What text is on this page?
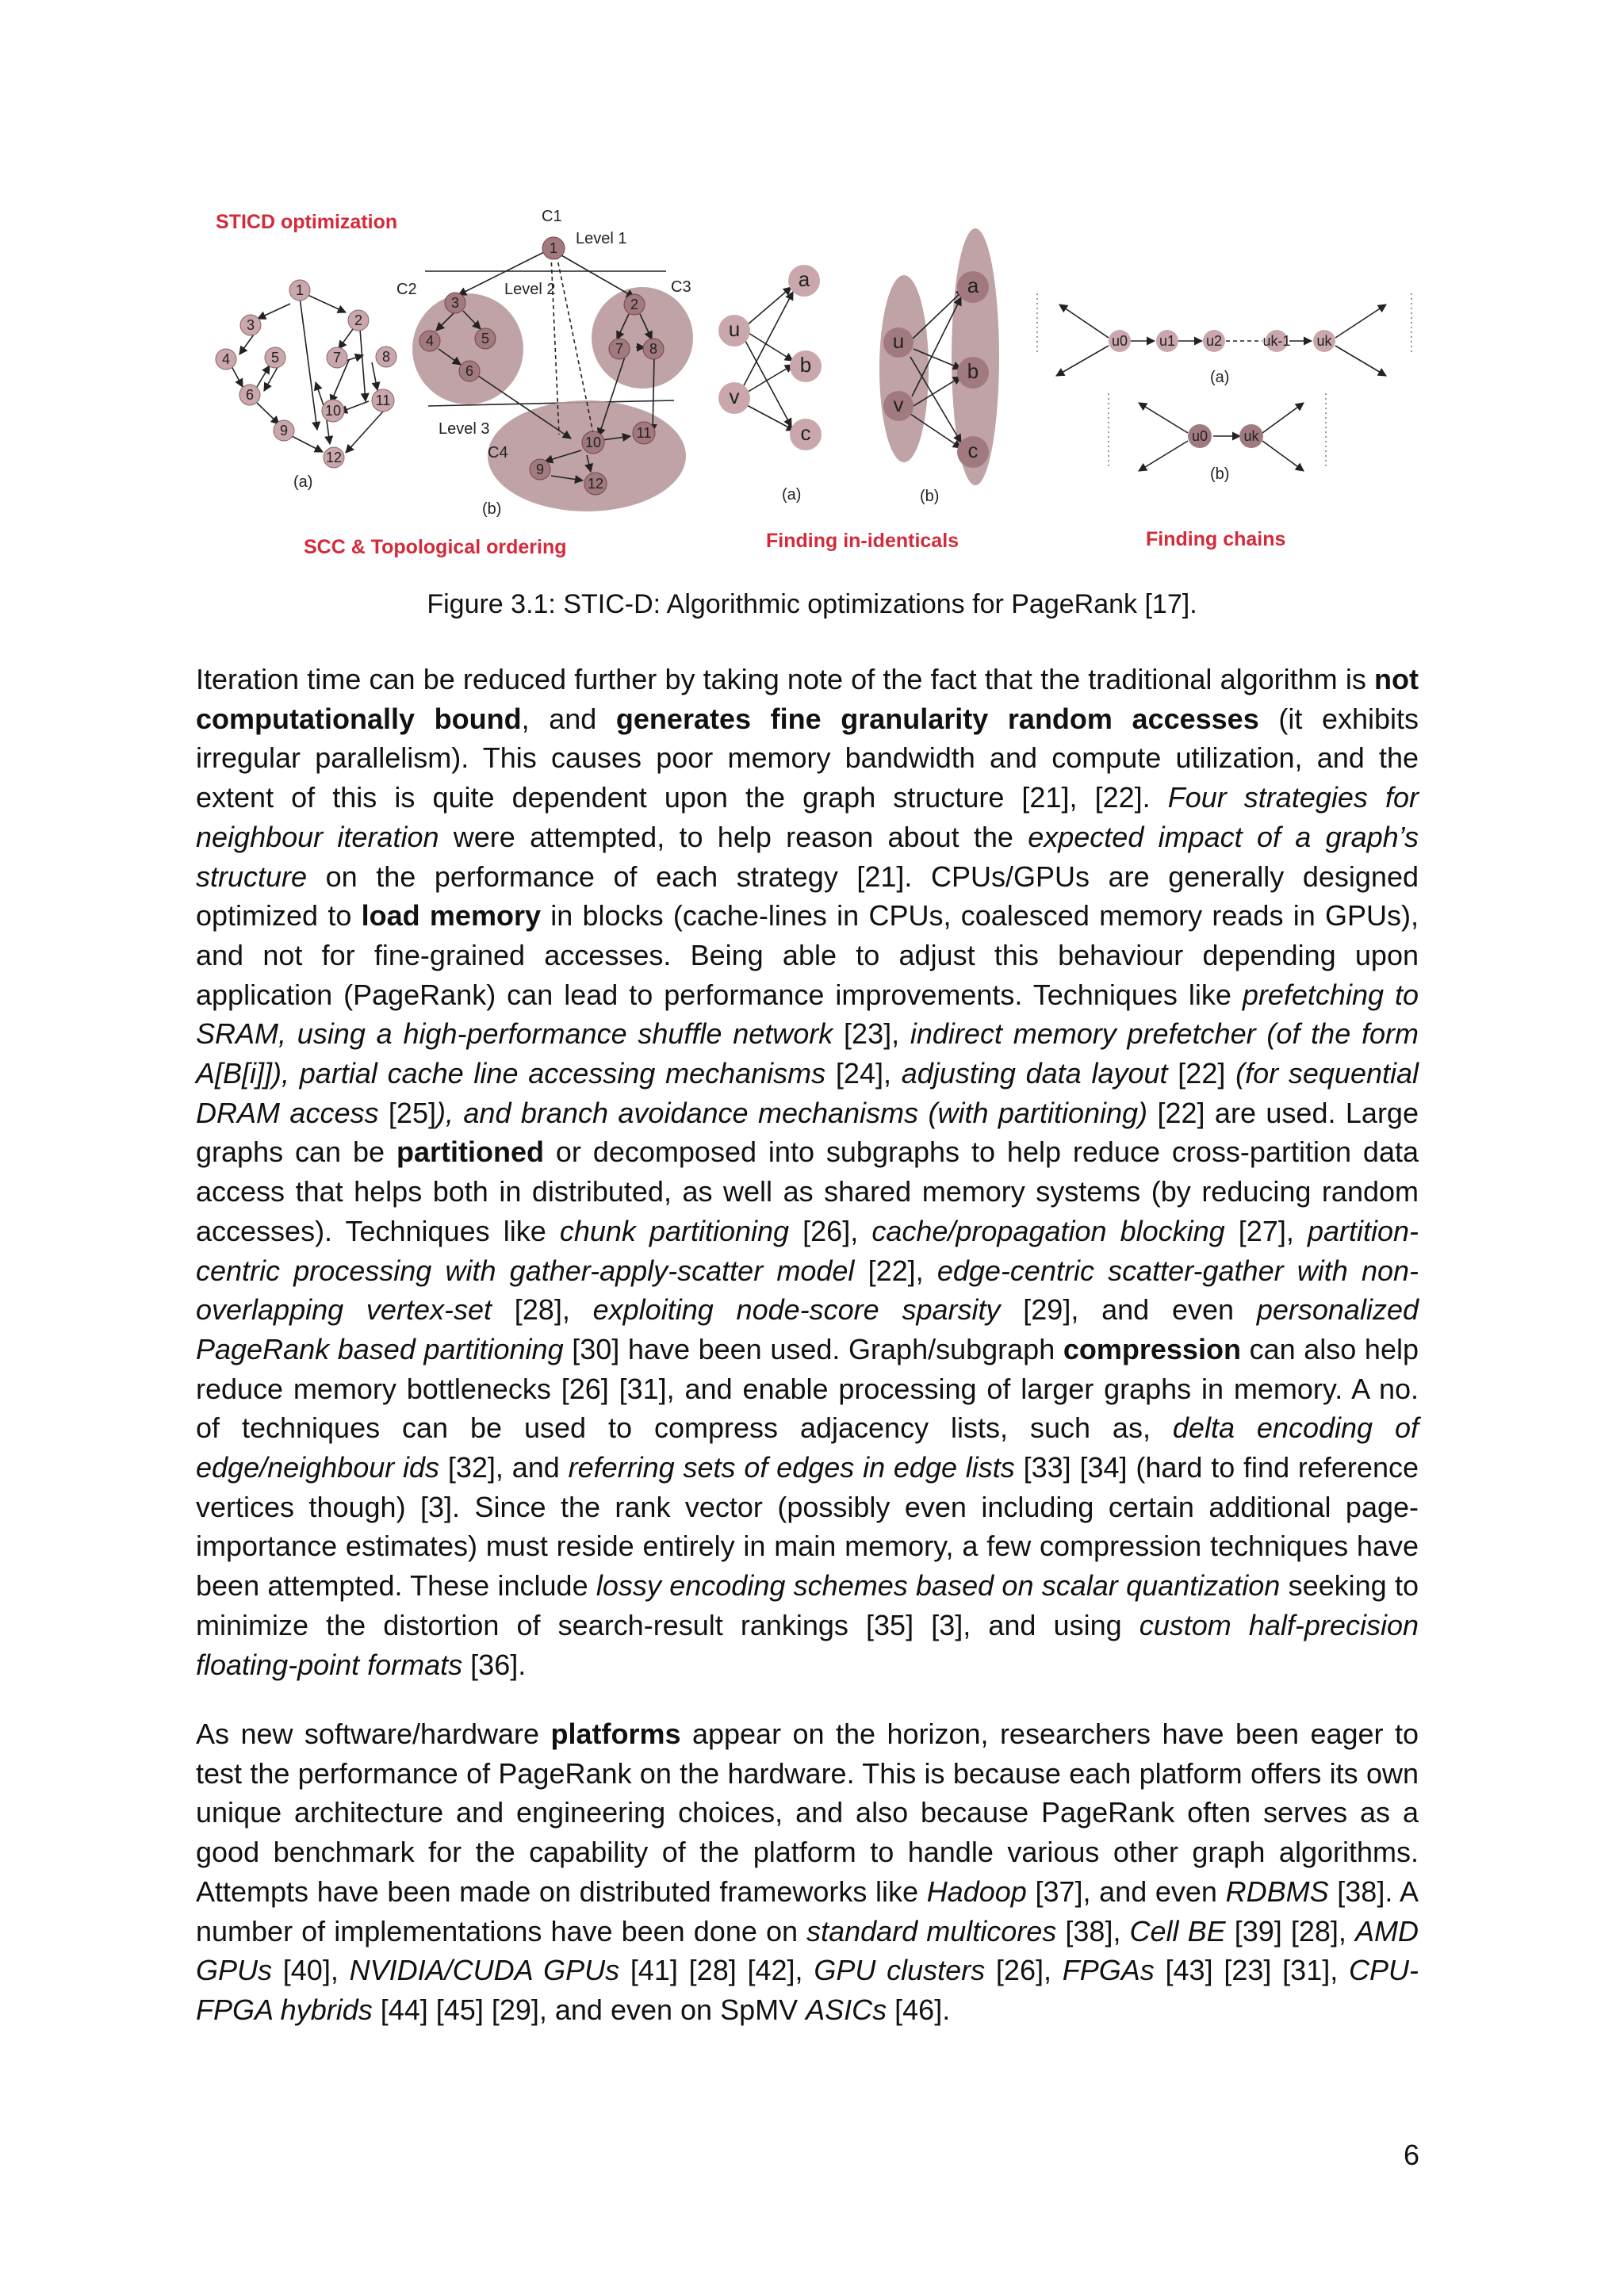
STICD optimization
SCC & Topological ordering	Finding in-identicals	Finding chains
1
3
4	5
6
9
12
2
7	8
10
11
(a)
1
3
4	5
6
2
7 8
10
11
9
12
C1
Level 1
C2	Level 2	C3
Level 3
C4
(b)
u
v
a
b
c
(a)
u
v
a
b
c
(b)
u0 u1 u2	uk-1 uk
(a)
u0	uk
(b)
Figure 3.1: STIC-D: Algorithmic optimizations for PageRank [17].

Iteration time can be reduced further by taking note of the fact that the traditional algorithm is not computationally bound, and generates fine granularity random accesses (it exhibits irregular parallelism). This causes poor memory bandwidth and compute utilization, and the extent of this is quite dependent upon the graph structure [21], [22]. Four strategies for neighbour iteration were attempted, to help reason about the expected impact of a graph’s structure on the performance of each strategy [21]. CPUs/GPUs are generally designed optimized to load memory in blocks (cache-lines in CPUs, coalesced memory reads in GPUs), and not for fine-grained accesses. Being able to adjust this behaviour depending upon application (PageRank) can lead to performance improvements. Techniques like prefetching to SRAM, using a high-performance shuffle network [23], indirect memory prefetcher (of the form A[B[i]]), partial cache line accessing mechanisms [24], adjusting data layout [22] (for sequential DRAM access [25]), and branch avoidance mechanisms (with partitioning) [22] are used. Large graphs can be partitioned or decomposed into subgraphs to help reduce cross-partition data access that helps both in distributed, as well as shared memory systems (by reducing random accesses). Techniques like chunk partitioning [26], cache/propagation blocking [27], partition-centric processing with gather-apply-scatter model [22], edge-centric scatter-gather with non-overlapping vertex-set [28], exploiting node-score sparsity [29], and even personalized PageRank based partitioning [30] have been used. Graph/subgraph compression can also help reduce memory bottlenecks [26] [31], and enable processing of larger graphs in memory. A no. of techniques can be used to compress adjacency lists, such as, delta encoding of edge/neighbour ids [32], and referring sets of edges in edge lists [33] [34] (hard to find reference vertices though) [3]. Since the rank vector (possibly even including certain additional page-importance estimates) must reside entirely in main memory, a few compression techniques have been attempted. These include lossy encoding schemes based on scalar quantization seeking to minimize the distortion of search-result rankings [35] [3], and using custom half-precision floating-point formats [36].

As new software/hardware platforms appear on the horizon, researchers have been eager to test the performance of PageRank on the hardware. This is because each platform offers its own unique architecture and engineering choices, and also because PageRank often serves as a good benchmark for the capability of the platform to handle various other graph algorithms. Attempts have been made on distributed frameworks like Hadoop [37], and even RDBMS [38]. A number of implementations have been done on standard multicores [38], Cell BE [39] [28], AMD GPUs [40], NVIDIA/CUDA GPUs [41] [28] [42], GPU clusters [26], FPGAs [43] [23] [31], CPU-FPGA hybrids [44] [45] [29], and even on SpMV ASICs [46].

6
